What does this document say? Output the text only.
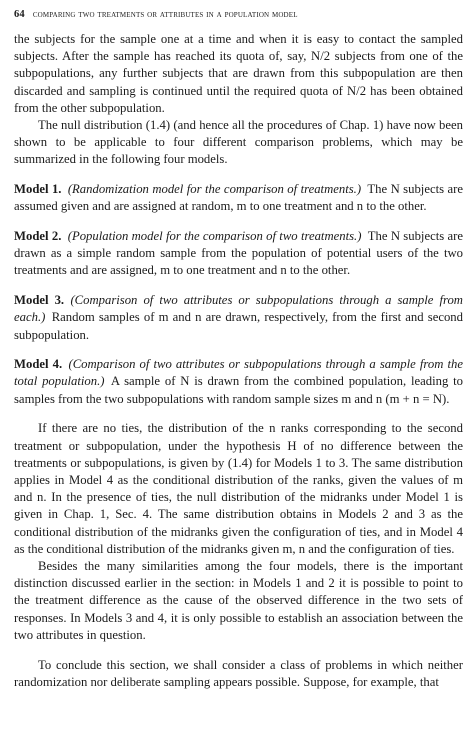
64 comparing two treatments or attributes in a population model

the subjects for the sample one at a time and when it is easy to contact the sampled subjects. After the sample has reached its quota of, say, N/2 subjects from one of the subpopulations, any further subjects that are drawn from this subpopulation are then discarded and sampling is continued until the required quota of N/2 has been obtained from the other subpopulation.

The null distribution (1.4) (and hence all the procedures of Chap. 1) have now been shown to be applicable to four different comparison problems, which may be summarized in the following four models.

Model 1.  (Randomization model for the comparison of treatments.)  The N subjects are assumed given and are assigned at random, m to one treatment and n to the other.

Model 2.  (Population model for the comparison of two treatments.)  The N subjects are drawn as a simple random sample from the population of potential users of the two treatments and are assigned, m to one treatment and n to the other.

Model 3.  (Comparison of two attributes or subpopulations through a sample from each.)  Random samples of m and n are drawn, respectively, from the first and second subpopulation.

Model 4.  (Comparison of two attributes or subpopulations through a sample from the total population.)  A sample of N is drawn from the combined population, leading to samples from the two subpopulations with random sample sizes m and n (m + n = N).

If there are no ties, the distribution of the n ranks corresponding to the second treatment or subpopulation, under the hypothesis H of no difference between the treatments or subpopulations, is given by (1.4) for Models 1 to 3. The same distribution applies in Model 4 as the conditional distribution of the ranks, given the values of m and n. In the presence of ties, the null distribution of the midranks under Model 1 is given in Chap. 1, Sec. 4. The same distribution obtains in Models 2 and 3 as the conditional distribution of the midranks given the configuration of ties, and in Model 4 as the conditional distribution of the midranks given m, n and the configuration of ties.

Besides the many similarities among the four models, there is the important distinction discussed earlier in the section: in Models 1 and 2 it is possible to point to the treatment difference as the cause of the observed difference in the two sets of responses. In Models 3 and 4, it is only possible to establish an association between the two attributes in question.

To conclude this section, we shall consider a class of problems in which neither randomization nor deliberate sampling appears possible. Suppose, for example, that
